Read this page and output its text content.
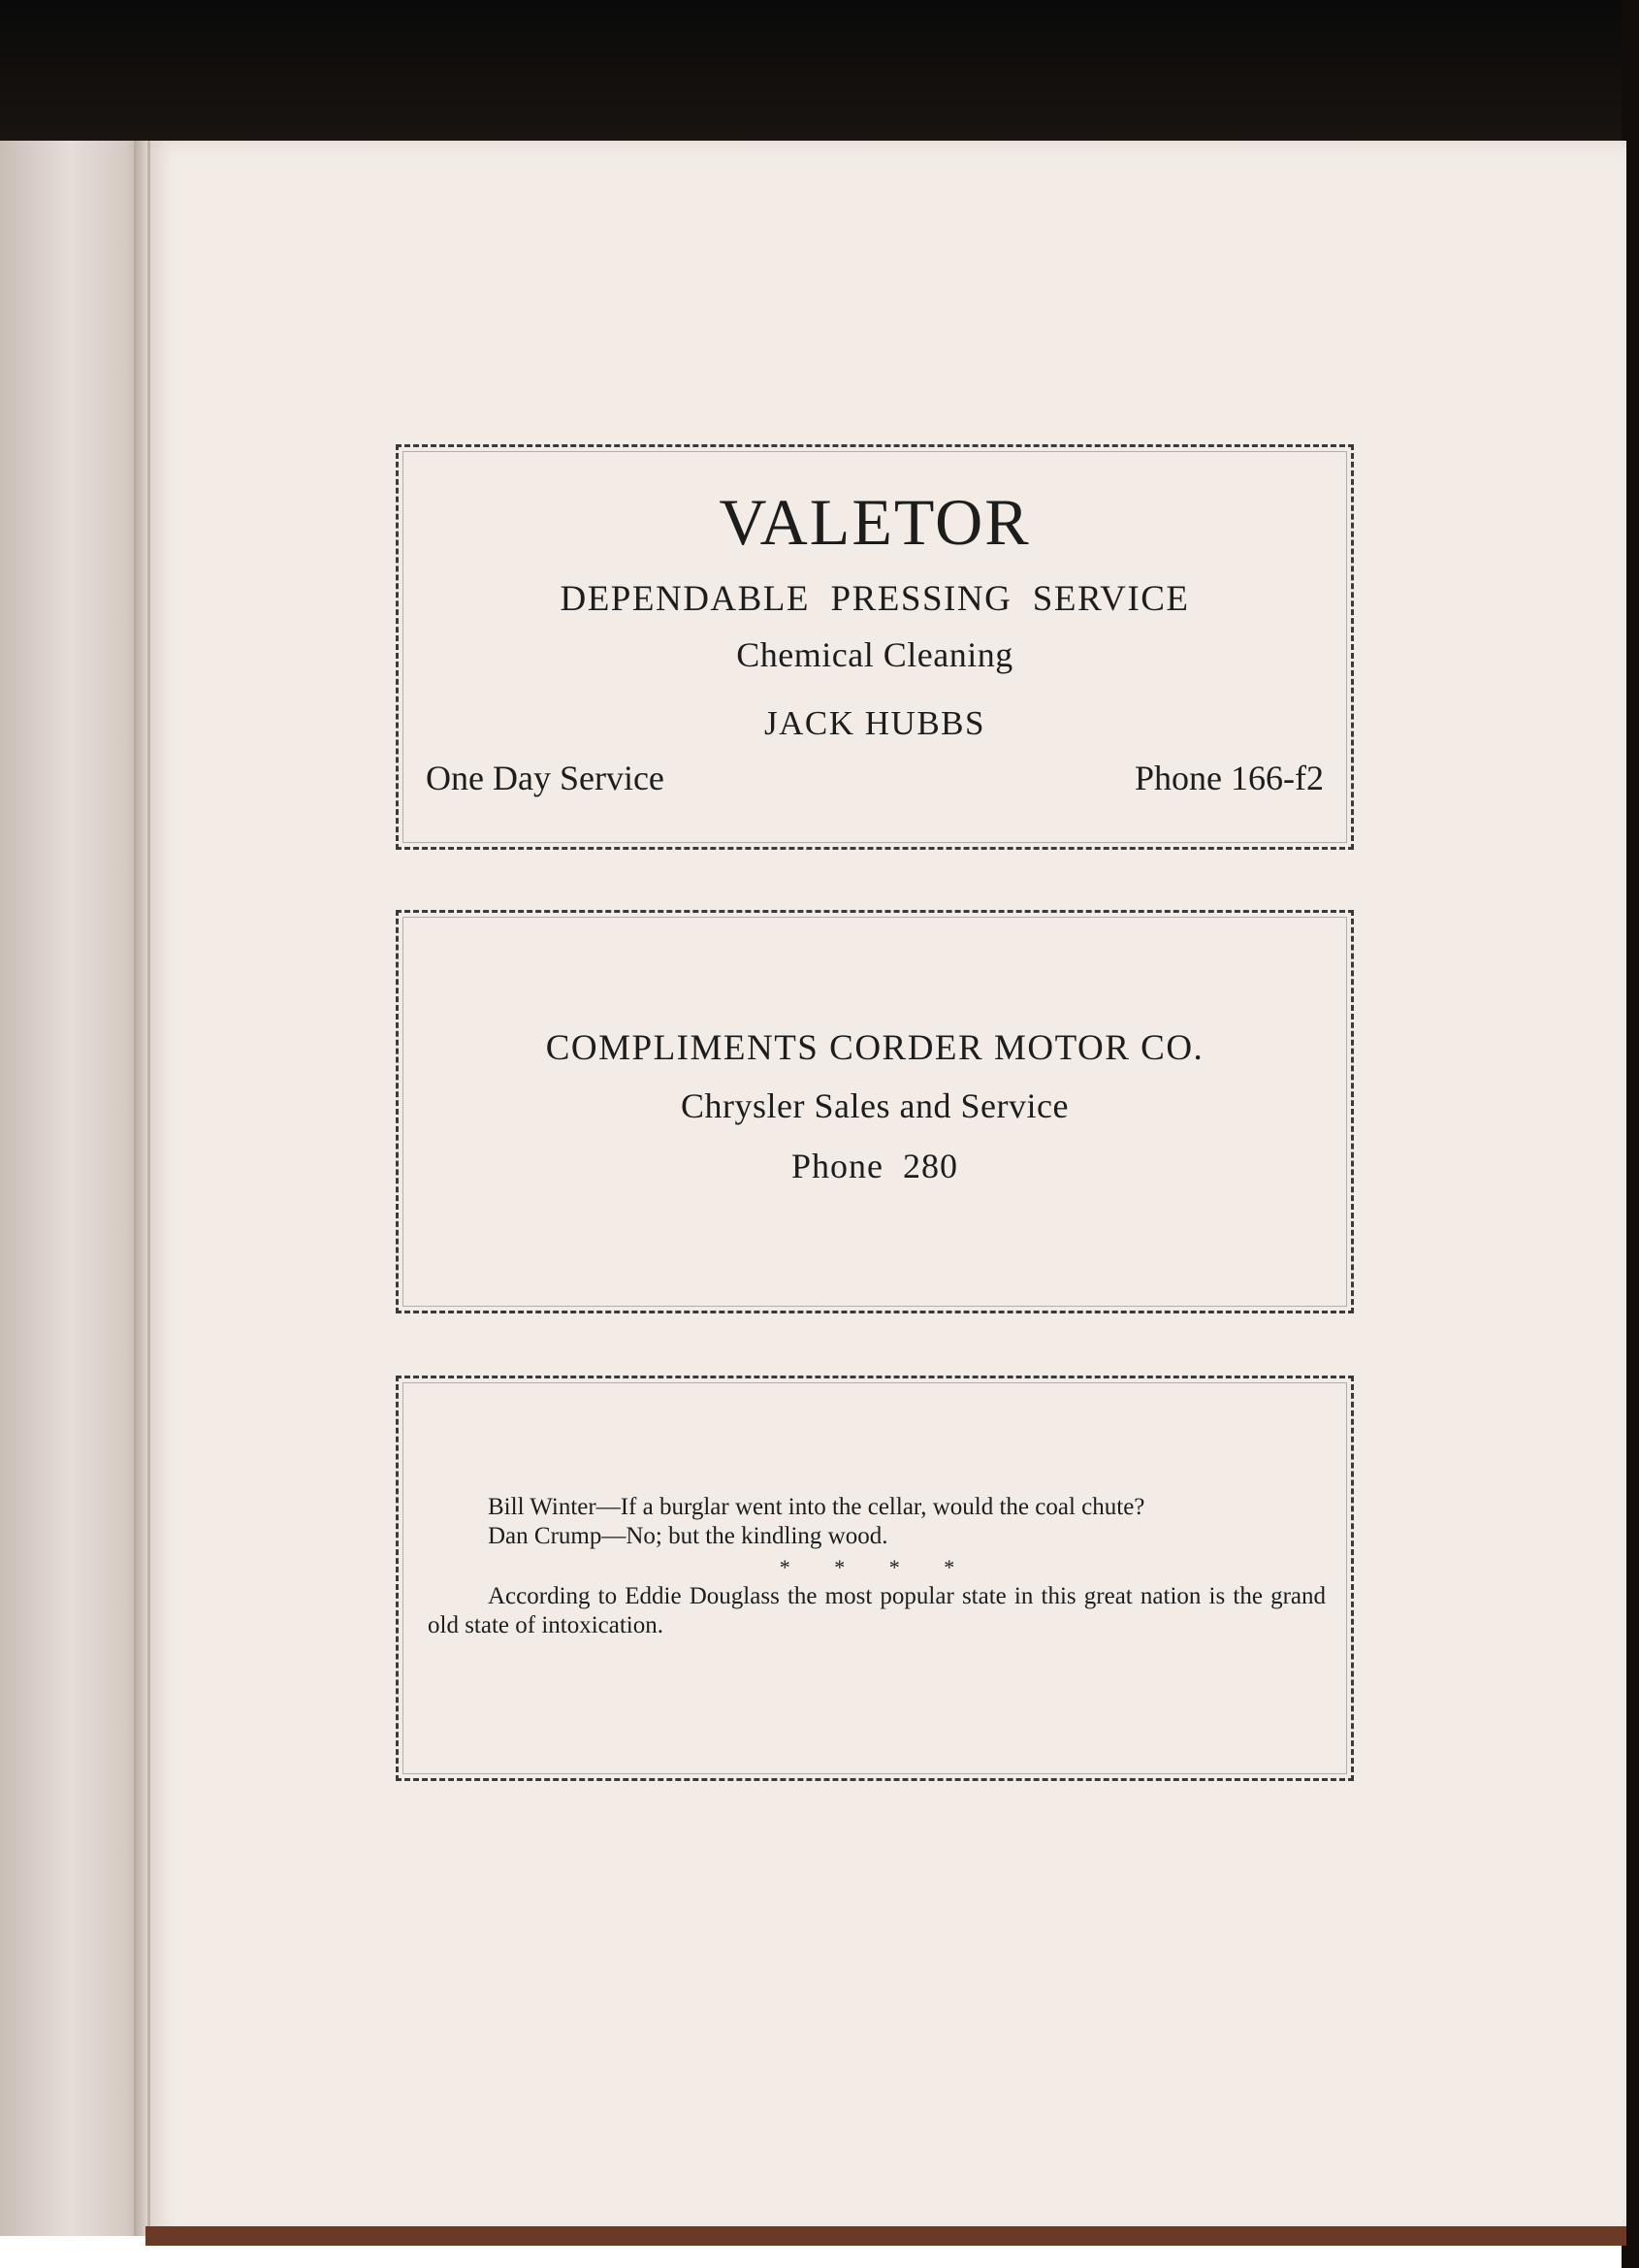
VALETOR
DEPENDABLE  PRESSING  SERVICE
Chemical Cleaning
JACK HUBBS
One Day Service	Phone 166-f2
COMPLIMENTS CORDER MOTOR CO.
Chrysler Sales and Service
Phone  280

Bill Winter—If a burglar went into the cellar, would the coal chute?

Dan Crump—No; but the kindling wood.

* * * *

According to Eddie Douglass the most popular state in this great nation is the grand old state of intoxication.
